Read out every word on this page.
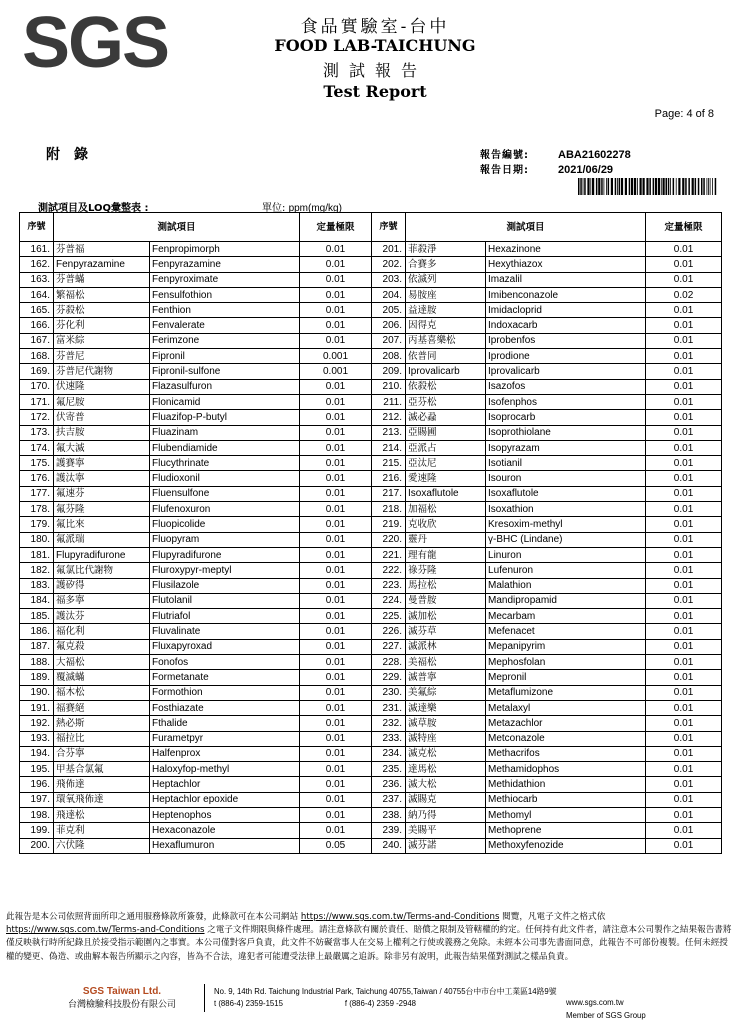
SGS	食品實驗室-台中
FOOD LAB-TAICHUNG
測試報告
Test Report
Page: 4 of 8
附錄	報告編號:	ABA21602278
報告日期:	2021/06/29
測試項目及LOQ彙整表 :	單位: ppm(mg/kg)
序號	測試項目		定量極限	序號	測試項目		定量極限
161.	芬普福	Fenpropimorph	0.01	201.	菲殺淨	Hexazinone	0.01
162.	Fenpyrazamine	Fenpyrazamine	0.01	202.	合賽多	Hexythiazox	0.01
163.	芬普蟎	Fenpyroximate	0.01	203.	依滅列	Imazalil	0.01
164.	繁福松	Fensulfothion	0.01	204.	易胺座	Imibenconazole	0.02
165.	芬殺松	Fenthion	0.01	205.	益達胺	Imidacloprid	0.01
166.	芬化利	Fenvalerate	0.01	206.	因得克	Indoxacarb	0.01
167.	富米綜	Ferimzone	0.01	207.	丙基喜樂松	Iprobenfos	0.01
168.	芬普尼	Fipronil	0.001	208.	依普同	Iprodione	0.01
169.	芬普尼代謝物	Fipronil-sulfone	0.001	209.	Iprovalicarb	Iprovalicarb	0.01
170.	伏速隆	Flazasulfuron	0.01	210.	依殺松	Isazofos	0.01
171.	氟尼胺	Flonicamid	0.01	211.	亞芬松	Isofenphos	0.01
172.	伏寄普	Fluazifop-P-butyl	0.01	212.	滅必蝨	Isoprocarb	0.01
173.	扶吉胺	Fluazinam	0.01	213.	亞賜圃	Isoprothiolane	0.01
174.	氟大滅	Flubendiamide	0.01	214.	亞派占	Isopyrazam	0.01
175.	護賽寧	Flucythrinate	0.01	215.	亞汰尼	Isotianil	0.01
176.	護汰寧	Fludioxonil	0.01	216.	愛速隆	Isouron	0.01
177.	氟速芬	Fluensulfone	0.01	217.	Isoxaflutole	Isoxaflutole	0.01
178.	氟芬隆	Flufenoxuron	0.01	218.	加福松	Isoxathion	0.01
179.	氟比來	Fluopicolide	0.01	219.	克收欣	Kresoxim-methyl	0.01
180.	氟派瑞	Fluopyram	0.01	220.	靈丹	γ-BHC (Lindane)	0.01
181.	Flupyradifurone	Flupyradifurone	0.01	221.	理有龍	Linuron	0.01
182.	氟氯比代謝物	Fluroxypyr-meptyl	0.01	222.	祿芬隆	Lufenuron	0.01
183.	護矽得	Flusilazole	0.01	223.	馬拉松	Malathion	0.01
184.	福多寧	Flutolanil	0.01	224.	曼普胺	Mandipropamid	0.01
185.	護汰芬	Flutriafol	0.01	225.	滅加松	Mecarbam	0.01
186.	福化利	Fluvalinate	0.01	226.	滅芬草	Mefenacet	0.01
187.	氟克殺	Fluxapyroxad	0.01	227.	滅派林	Mepanipyrim	0.01
188.	大福松	Fonofos	0.01	228.	美福松	Mephosfolan	0.01
189.	覆滅蟎	Formetanate	0.01	229.	滅普寧	Mepronil	0.01
190.	福木松	Formothion	0.01	230.	美氟綜	Metaflumizone	0.01
191.	福賽絕	Fosthiazate	0.01	231.	滅達樂	Metalaxyl	0.01
192.	熱必斯	Fthalide	0.01	232.	滅草胺	Metazachlor	0.01
193.	福拉比	Furametpyr	0.01	233.	滅特座	Metconazole	0.01
194.	合芬寧	Halfenprox	0.01	234.	滅克松	Methacrifos	0.01
195.	甲基合氯氟	Haloxyfop-methyl	0.01	235.	達馬松	Methamidophos	0.01
196.	飛佈達	Heptachlor	0.01	236.	滅大松	Methidathion	0.01
197.	環氧飛佈達	Heptachlor epoxide	0.01	237.	滅賜克	Methiocarb	0.01
198.	飛達松	Heptenophos	0.01	238.	納乃得	Methomyl	0.01
199.	菲克利	Hexaconazole	0.01	239.	美賜平	Methoprene	0.01
200.	六伏隆	Hexaflumuron	0.05	240.	滅芬諾	Methoxyfenozide	0.01
此報告是本公司依照背面所印之通用服務條款所簽發，此條款可在本公司網站 https://www.sgs.com.tw/Terms-and-Conditions 閱覽，凡電子文件之格式依https://www.sgs.com.tw/Terms-and-Conditions 之電子文件期限與條件處理。請注意條款有關於責任、賠償之限制及管轄權的約定。任何持有此文件者，請注意本公司製作之結果報告書將僅反映執行時所紀錄且於接受指示範圍內之事實。本公司僅對客戶負責，此文件不妨礙當事人在交易上權利之行使或義務之免除。未經本公司事先書面同意，此報告不可部份複製。任何未經授權的變更、偽造、或曲解本報告所顯示之內容，皆為不合法，違犯者可能遭受法律上最嚴厲之追訴。除非另有說明，此報告結果僅對測試之樣品負責。
SGS Taiwan Ltd.
台灣檢驗科技股份有限公司
No. 9, 14th Rd. Taichung Industrial Park, Taichung 40755,Taiwan / 40755台中市台中工業區14路9號
t (886-4) 2359-1515	f (886-4) 2359 -2948	www.sgs.com.tw
Member of SGS Group
